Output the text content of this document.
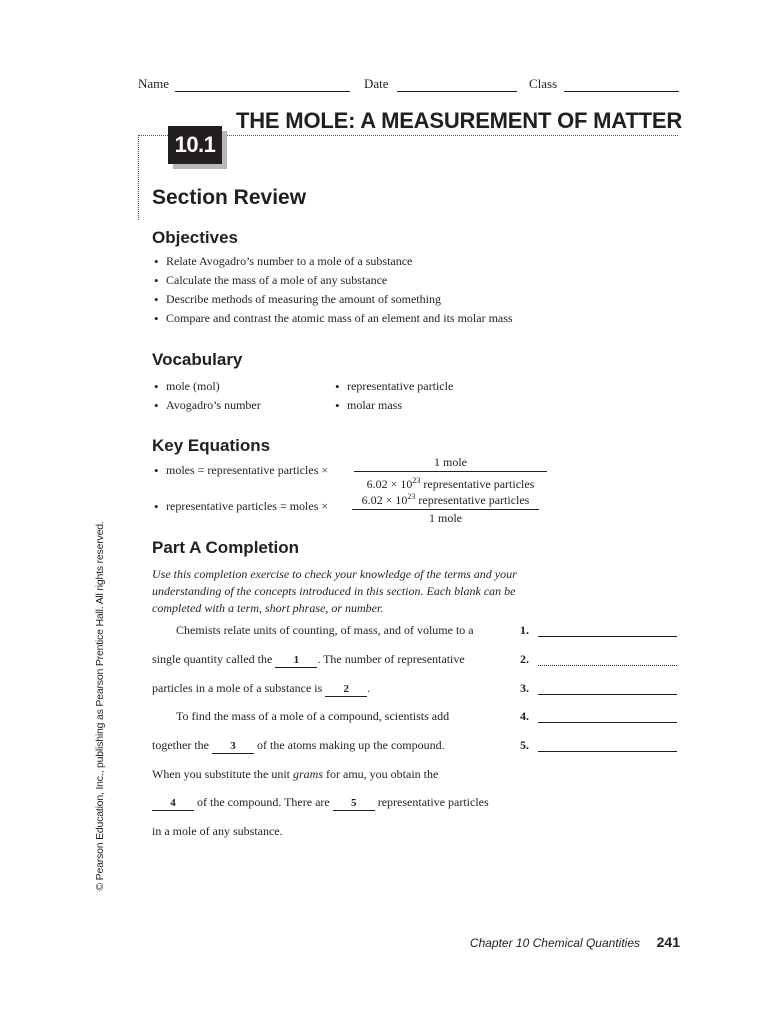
Name	Date	Class
10.1
THE MOLE: A MEASUREMENT OF MATTER
Section Review
Objectives
• Relate Avogadro’s number to a mole of a substance
• Calculate the mass of a mole of any substance
• Describe methods of measuring the amount of something
• Compare and contrast the atomic mass of an element and its molar mass
Vocabulary
• mole (mol)
• Avogadro’s number
• representative particle
• molar mass
Key Equations
• moles = representative particles ×
1 mole
$6.02 \times 10^{23}$ representative particles
• representative particles = moles ×	$6.02 \times 10^{23}$ representative particles
1 mole
Part A Completion
Use this completion exercise to check your knowledge of the terms and your understanding of the concepts introduced in this section. Each blank can be completed with a term, short phrase, or number.
Chemists relate units of counting, of mass, and of volume to a
single quantity called the 1 . The number of representative
particles in a mole of a substance is 2 .
To find the mass of a mole of a compound, scientists add
together the 3 of the atoms making up the compound.
When you substitute the unit grams for amu, you obtain the
4 of the compound. There are 5 representative particles
in a mole of any substance.
1.
2.
3.
4.
5.
© Pearson Education, Inc., publishing as Pearson Prentice Hall. All rights reserved.
Chapter 10 Chemical Quantities 241
